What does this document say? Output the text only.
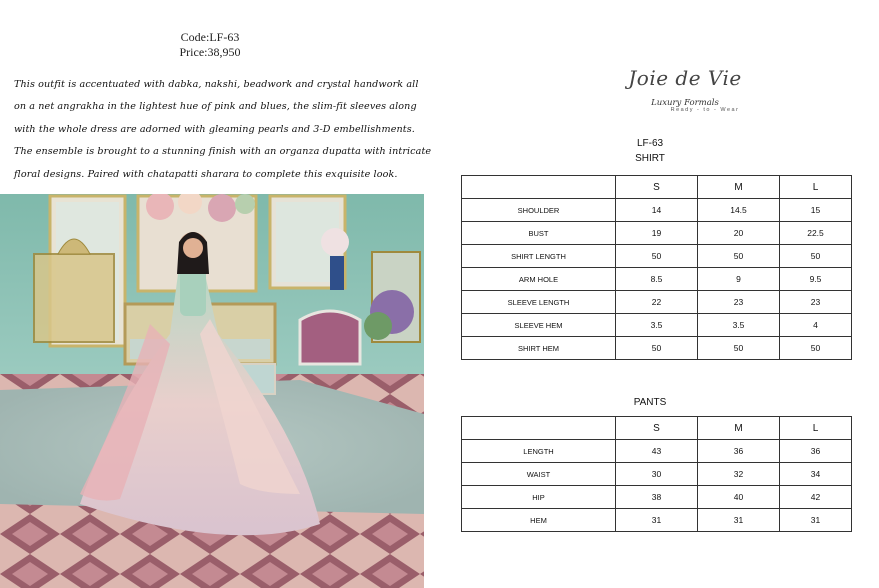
Code:LF-63
Price:38,950
This outfit is accentuated with dabka, nakshi, beadwork and crystal handwork all
on a net angrakha in the lightest hue of pink and blues, the slim-fit sleeves along
with the whole dress are adorned with gleaming pearls and 3-D embellishments.
The ensemble is brought to a stunning finish with an organza dupatta with intricate
floral designs. Paired with chatapatti sharara to complete this exquisite look.
Joie de Vie
Luxury Formals
Ready - to - Wear
LF-63
SHIRT
	S	M	L
SHOULDER	14	14.5	15
BUST	19	20	22.5
SHIRT LENGTH	50	50	50
ARM HOLE	8.5	9	9.5
SLEEVE LENGTH	22	23	23
SLEEVE HEM	3.5	3.5	4
SHIRT HEM	50	50	50
PANTS
	S	M	L
LENGTH	43	36	36
WAIST	30	32	34
HIP	38	40	42
HEM	31	31	31
